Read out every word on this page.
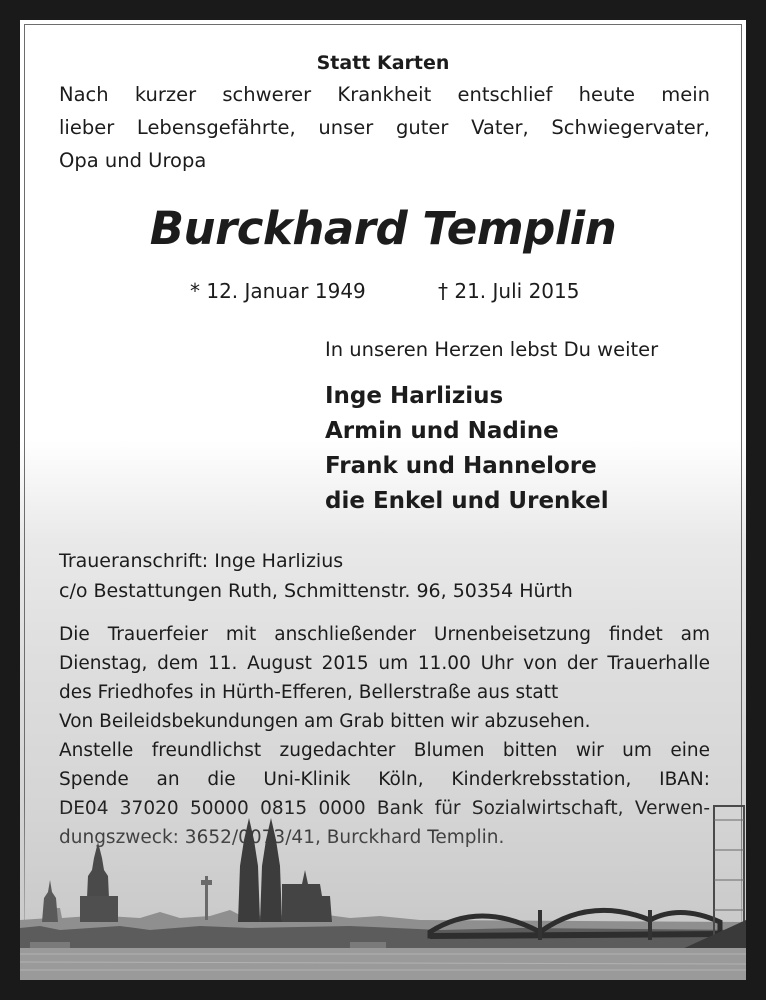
Statt Karten
Nach kurzer schwerer Krankheit entschlief heute mein
lieber Lebensgefährte, unser guter Vater, Schwiegervater,
Opa und Uropa
Burckhard Templin
* 12. Januar 1949	† 21. Juli 2015
In unseren Herzen lebst Du weiter
Inge Harlizius
Armin und Nadine
Frank und Hannelore
die Enkel und Urenkel
Traueranschrift: Inge Harlizius
c/o Bestattungen Ruth, Schmittenstr. 96, 50354 Hürth
Die Trauerfeier mit anschließender Urnenbeisetzung findet am
Dienstag, dem 11. August 2015 um 11.00 Uhr von der Trauerhalle
des Friedhofes in Hürth-Efferen, Bellerstraße aus statt
Von Beileidsbekundungen am Grab bitten wir abzusehen.
Anstelle freundlichst zugedachter Blumen bitten wir um eine
Spende an die Uni-Klinik Köln, Kinderkrebsstation, IBAN:
